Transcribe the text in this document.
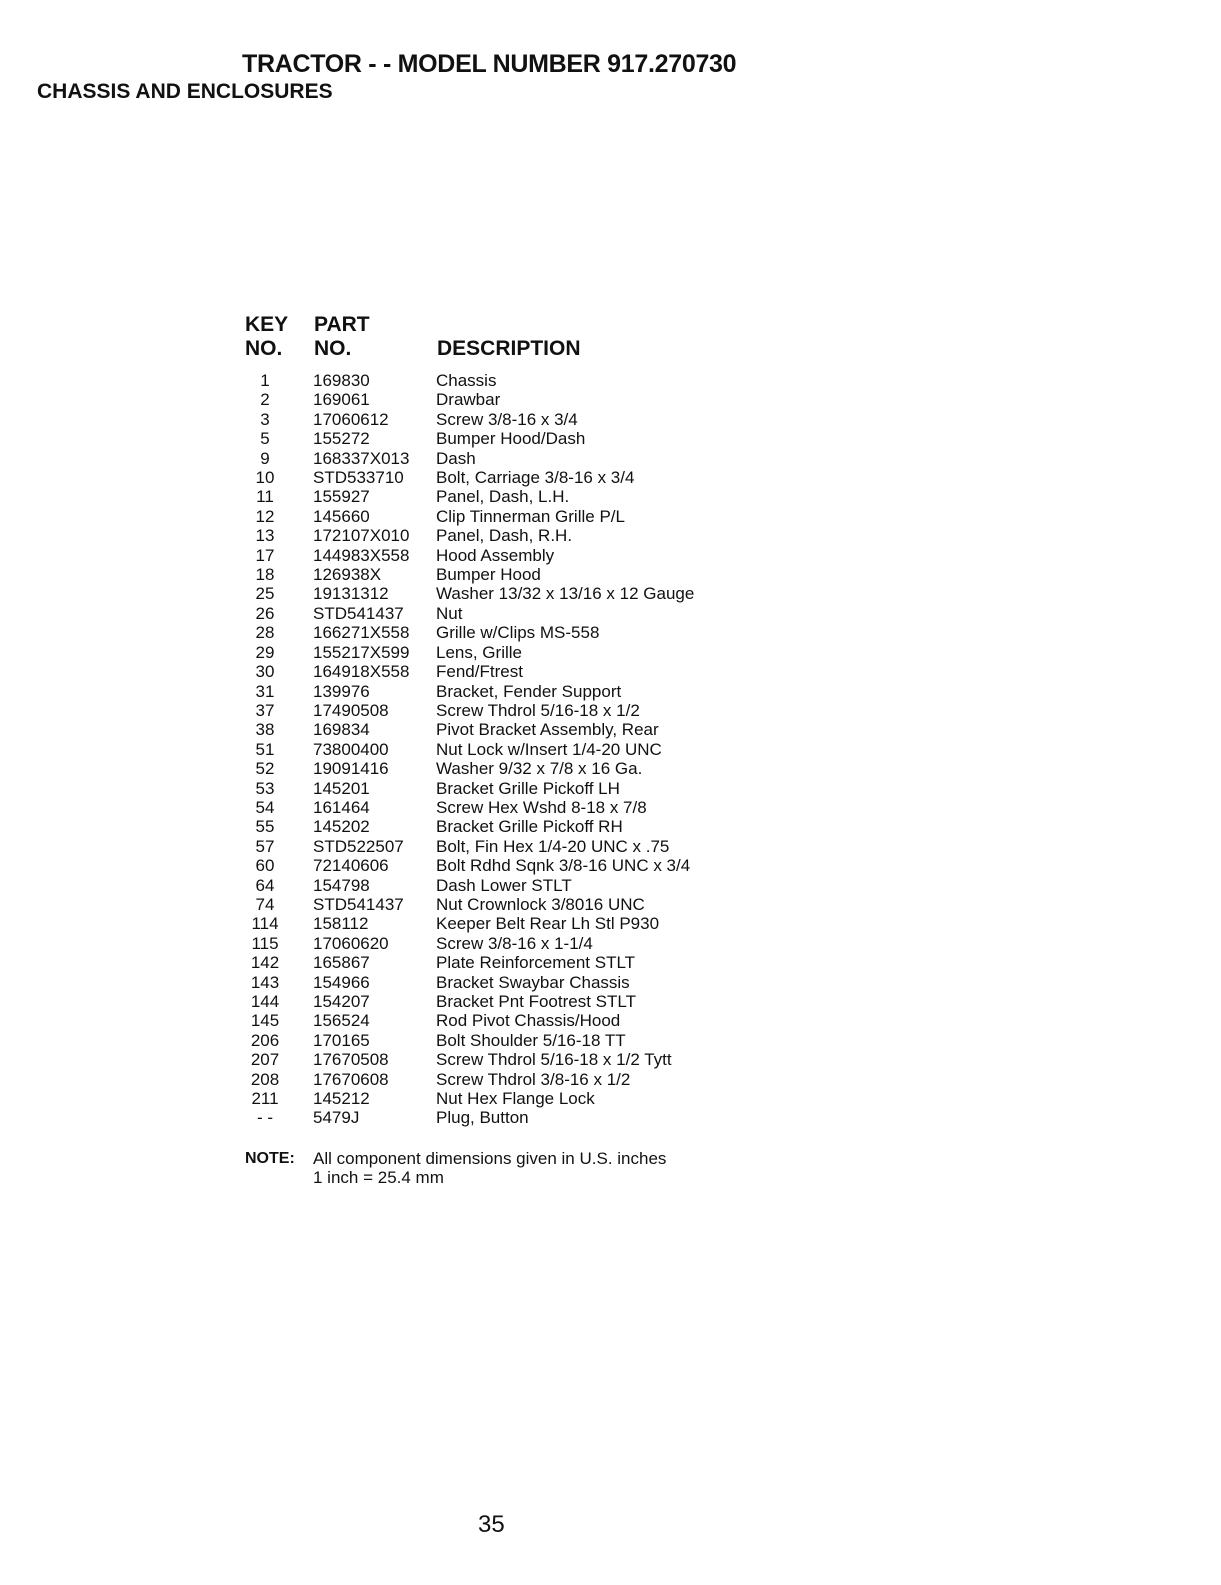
TRACTOR - - MODEL NUMBER 917.270730
CHASSIS AND ENCLOSURES
KEY
NO.
PART
NO.	DESCRIPTION
1	169830	Chassis
2	169061	Drawbar
3	17060612	Screw 3/8-16 x 3/4
5	155272	Bumper Hood/Dash
9	168337X013 Dash
10	STD533710 Bolt, Carriage 3/8-16 x 3/4
11	155927	Panel, Dash, L.H.
12	145660	Clip Tinnerman Grille P/L
13	172107X010 Panel, Dash, R.H.
17	144983X558 Hood Assembly
18	126938X	Bumper Hood
25	19131312	Washer 13/32 x 13/16 x 12 Gauge
26	STD541437 Nut
28	166271X558 Grille w/Clips MS-558
29	155217X599 Lens, Grille
30	164918X558 Fend/Ftrest
31	139976	Bracket, Fender Support
37	17490508	Screw Thdrol 5/16-18 x 1/2
38	169834	Pivot Bracket Assembly, Rear
51	73800400	Nut Lock w/Insert 1/4-20 UNC
52	19091416	Washer 9/32 x 7/8 x 16 Ga.
53	145201	Bracket Grille Pickoff LH
54	161464	Screw Hex Wshd 8-18 x 7/8
55	145202	Bracket Grille Pickoff RH
57	STD522507 Bolt, Fin Hex 1/4-20 UNC x .75
60	72140606	Bolt Rdhd Sqnk 3/8-16 UNC x 3/4
64	154798	Dash Lower STLT
74	STD541437 Nut Crownlock 3/8016 UNC
114	158112	Keeper Belt Rear Lh Stl P930
115	17060620	Screw 3/8-16 x 1-1/4
142	165867	Plate Reinforcement STLT
143	154966	Bracket Swaybar Chassis
144	154207	Bracket Pnt Footrest STLT
145	156524	Rod Pivot Chassis/Hood
206	170165	Bolt Shoulder 5/16-18 TT
207	17670508	Screw Thdrol 5/16-18 x 1/2 Tytt
208	17670608	Screw Thdrol 3/8-16 x 1/2
211	145212	Nut Hex Flange Lock
- -	5479J	Plug, Button
NOTE: All component dimensions given in U.S. inches
1 inch = 25.4 mm
35
